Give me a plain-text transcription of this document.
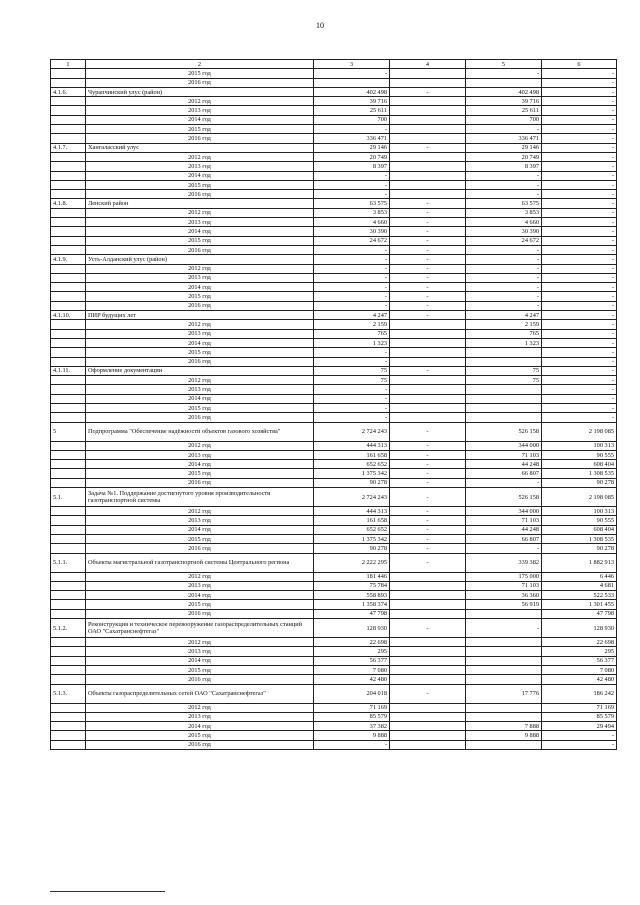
10
1	2	3	4	5	6
	2015 год	-		-	-
	2016 год				-
4.1.6.	Чурапчинский улус (район)	402 498	-	402 498	-
	2012 год	39 716		39 716	-
	2013 год	25 611		25 611	-
	2014 год	700		700	-
	2015 год	-		-	-
	2016 год	336 471		336 471	-
4.1.7.	Хангаласский улус	29 146	-	29 146	-
	2012 год	20 749		20 749	-
	2013 год	8 397		8 397	-
	2014 год	-		-	-
	2015 год	-		-	-
	2016 год	-		-	-
4.1.8.	Ленский район	63 575	-	63 575	-
	2012 год	3 853	-	3 853	-
	2013 год	4 660	-	4 660	-
	2014 год	30 390	-	30 390	-
	2015 год	24 672	-	24 672	-
	2016 год	-	-	-	-
4.1.9.	Усть-Алданский улус (район)	-	-	-	-
	2012 год	-	-	-	-
	2013 год	-	-	-	-
	2014 год	-	-	-	-
	2015 год	-	-	-	-
	2016 год	-	-	-	-
4.1.10.	ПИР будущих лет	4 247	-	4 247	-
	2012 год	2 159		2 159	-
	2013 год	765		765	-
	2014 год	1 323		1 323	-
	2015 год	-			-
	2016 год	-			-
4.1.11.	Оформление документации	75	-	75	-
	2012 год	75		75	-
	2013 год	-			-
	2014 год	-			-
	2015 год	-			-
	2016 год	-			-
5	Подпрограмма "Обеспечение надёжности объектов газового хозяйства"	2 724 243	-	526 158	2 198 085
	2012 год	444 313	-	344 000	100 313
	2013 год	161 658	-	71 103	90 555
	2014 год	652 652	-	44 248	608 404
	2015 год	1 375 342	-	66 807	1 308 535
	2016 год	90 278	-	-	90 278
5.1.	Задача №1. Поддержание достигнутого уровня производительности газотранспортной системы	2 724 243	-	526 158	2 198 085
	2012 год	444 313	-	344 000	100 313
	2013 год	161 658	-	71 103	90 555
	2014 год	652 652	-	44 248	608 404
	2015 год	1 375 342	-	66 807	1 308 535
	2016 год	90 278	-	-	90 278
5.1.1.	Объекты магистральной газотранспортной системы Центрального региона	2 222 295	-	339 382	1 882 913
	2012 год	181 446		175 000	6 446
	2013 год	75 784		71 103	4 681
	2014 год	558 893		36 360	522 533
	2015 год	1 358 374		56 919	1 301 455
	2016 год	47 798			47 798
5.1.2.	Реконструкция и техническое перевооружение газораспределительных станций ОАО "Сахатранснефтегаз"	128 930	-	-	128 930
	2012 год	22 698			22 698
	2013 год	295			295
	2014 год	56 377			56 377
	2015 год	7 080			7 080
	2016 год	42 480			42 480
5.1.3.	Объекты газораспределительных сетей ОАО "Сахатранснефтегаз"	204 018	-	17 776	186 242
	2012 год	71 169			71 169
	2013 год	85 579			85 579
	2014 год	37 382		7 888	29 494
	2015 год	9 888		9 888	-
	2016 год	-			-
